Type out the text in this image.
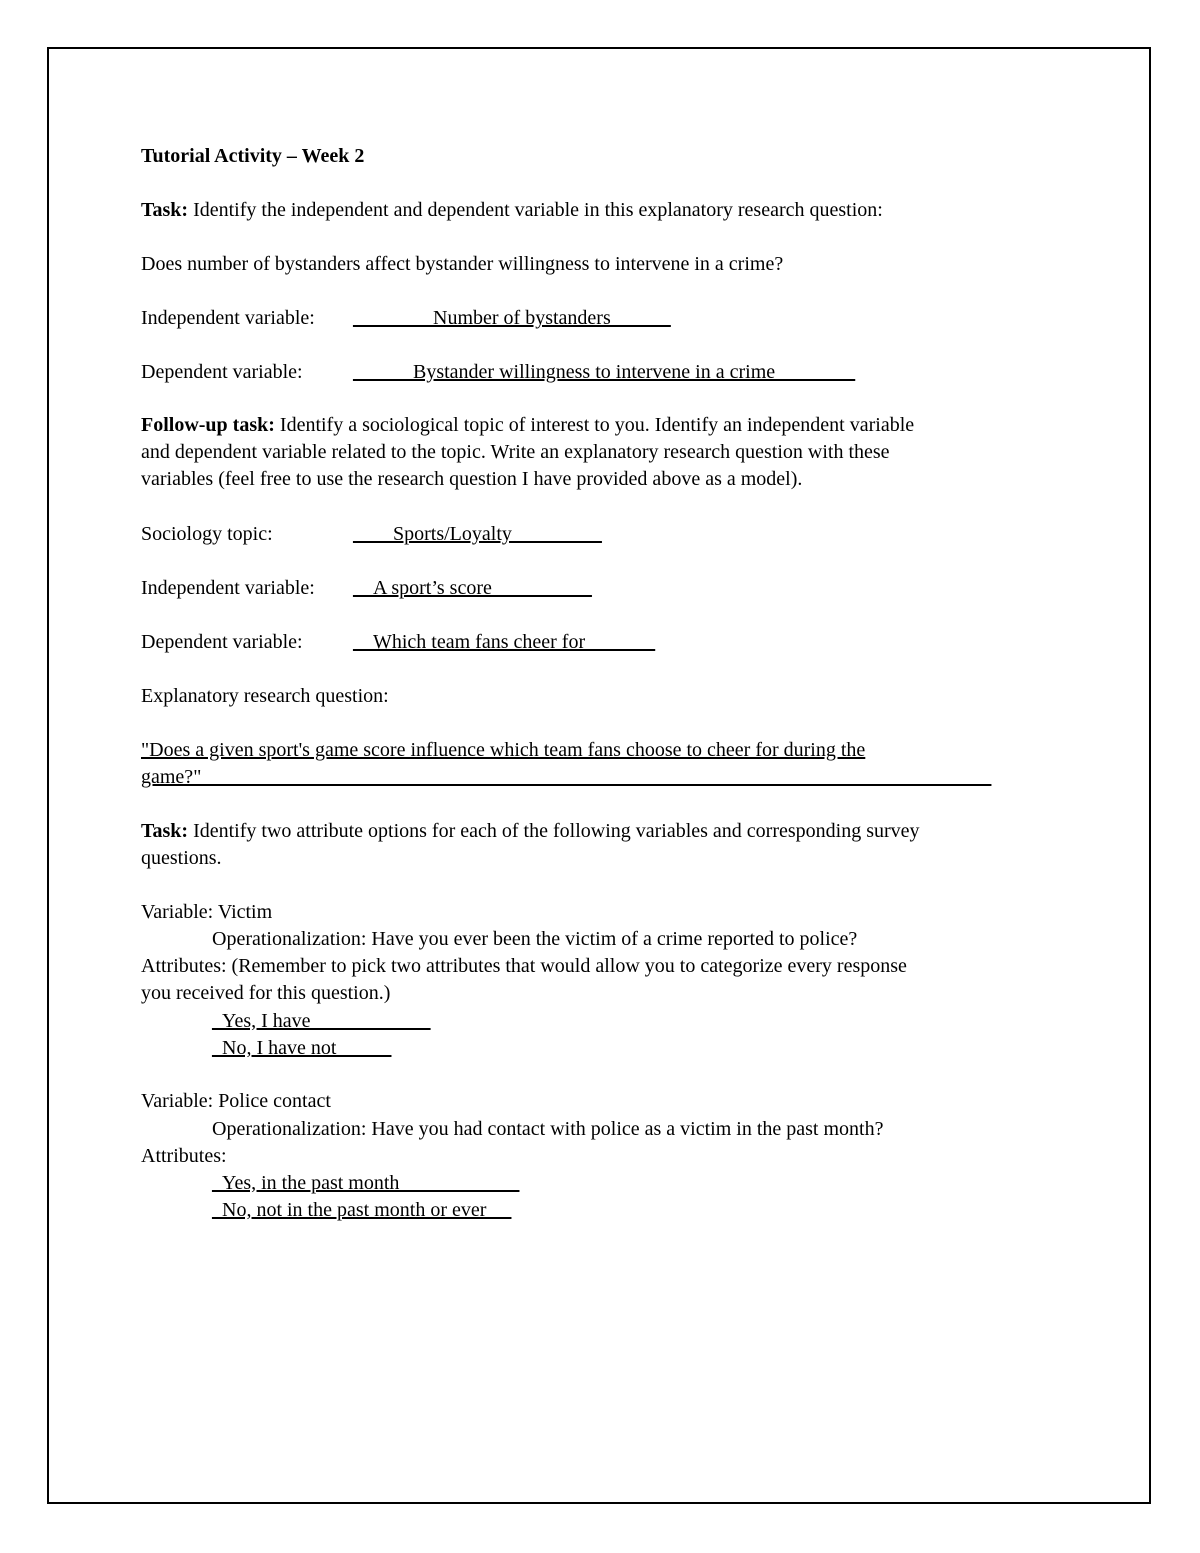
Tutorial Activity – Week 2
Task: Identify the independent and dependent variable in this explanatory research question:
Does number of bystanders affect bystander willingness to intervene in a crime?
Independent variable:________Number of bystanders______
Dependent variable:	______Bystander willingness to intervene in a crime________
Follow-up task: Identify a sociological topic of interest to you. Identify an independent variable
and dependent variable related to the topic. Write an explanatory research question with these
variables (feel free to use the research question I have provided above as a model).
Sociology topic:	____Sports/Loyalty_________
Independent variable:__A sport’s score__________
Dependent variable:	__Which team fans cheer for_______
Explanatory research question:
"Does a given sport's game score influence which team fans choose to cheer for during the
game?"_______________________________________________________________________________
Task: Identify two attribute options for each of the following variables and corresponding survey
questions.
Variable: Victim
Operationalization: Have you ever been the victim of a crime reported to police?
Attributes: (Remember to pick two attributes that would allow you to categorize every response
you received for this question.)
_Yes, I have____________
_No, I have not__ ___
Variable: Police contact
Operationalization: Have you had contact with police as a victim in the past month?
Attributes:
_Yes, in the past month____________
_No, not in the past month or ever_ _
